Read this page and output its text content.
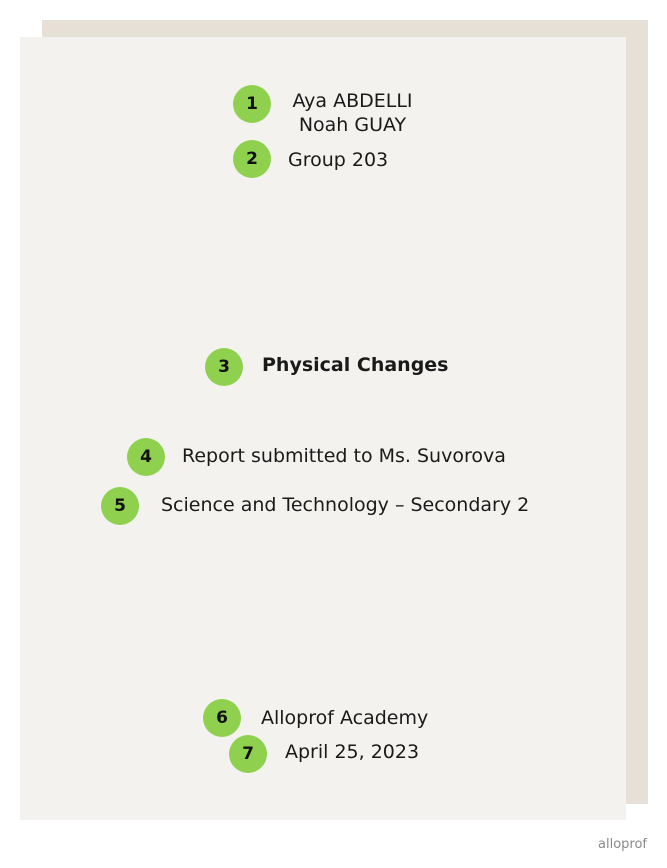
1	Aya ABDELLI
Noah GUAY
2	Group 203
3	Physical Changes
4	Report submitted to Ms. Suvorova
5	Science and Technology – Secondary 2
6	Alloprof Academy
7	April 25, 2023
alloprof
